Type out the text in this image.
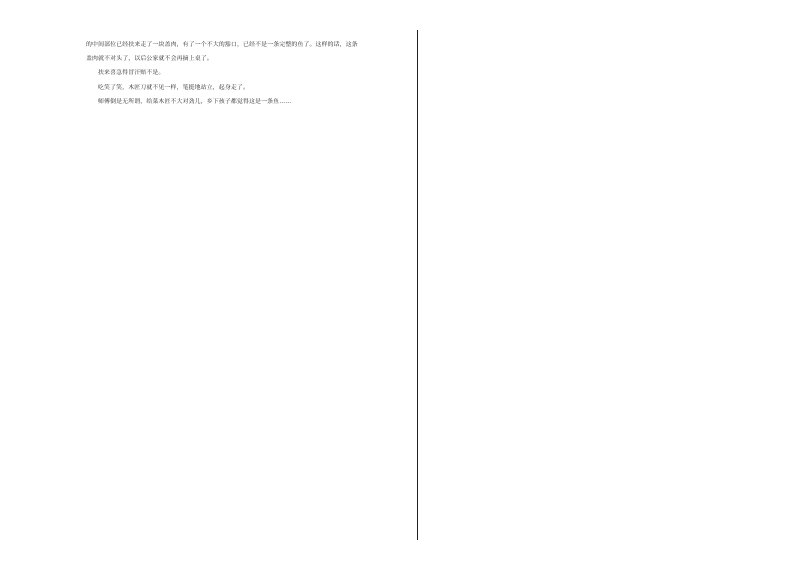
的中间部位已经扶来走了一块盖肉，有了一个不大的豁口，已经不是一条完整的鱼了。这样的话，这条

盖肉就不对头了，以后公家就不会再摘上桌了。

扶来喜急得冒汗赔不是。

吃笑了笑，木匠刀就不见一样，笔挺地站立，起身走了。

师傅倒是无所谓，给菜木匠不大对劲儿，乡下孩子都觉得这是一条鱼……
